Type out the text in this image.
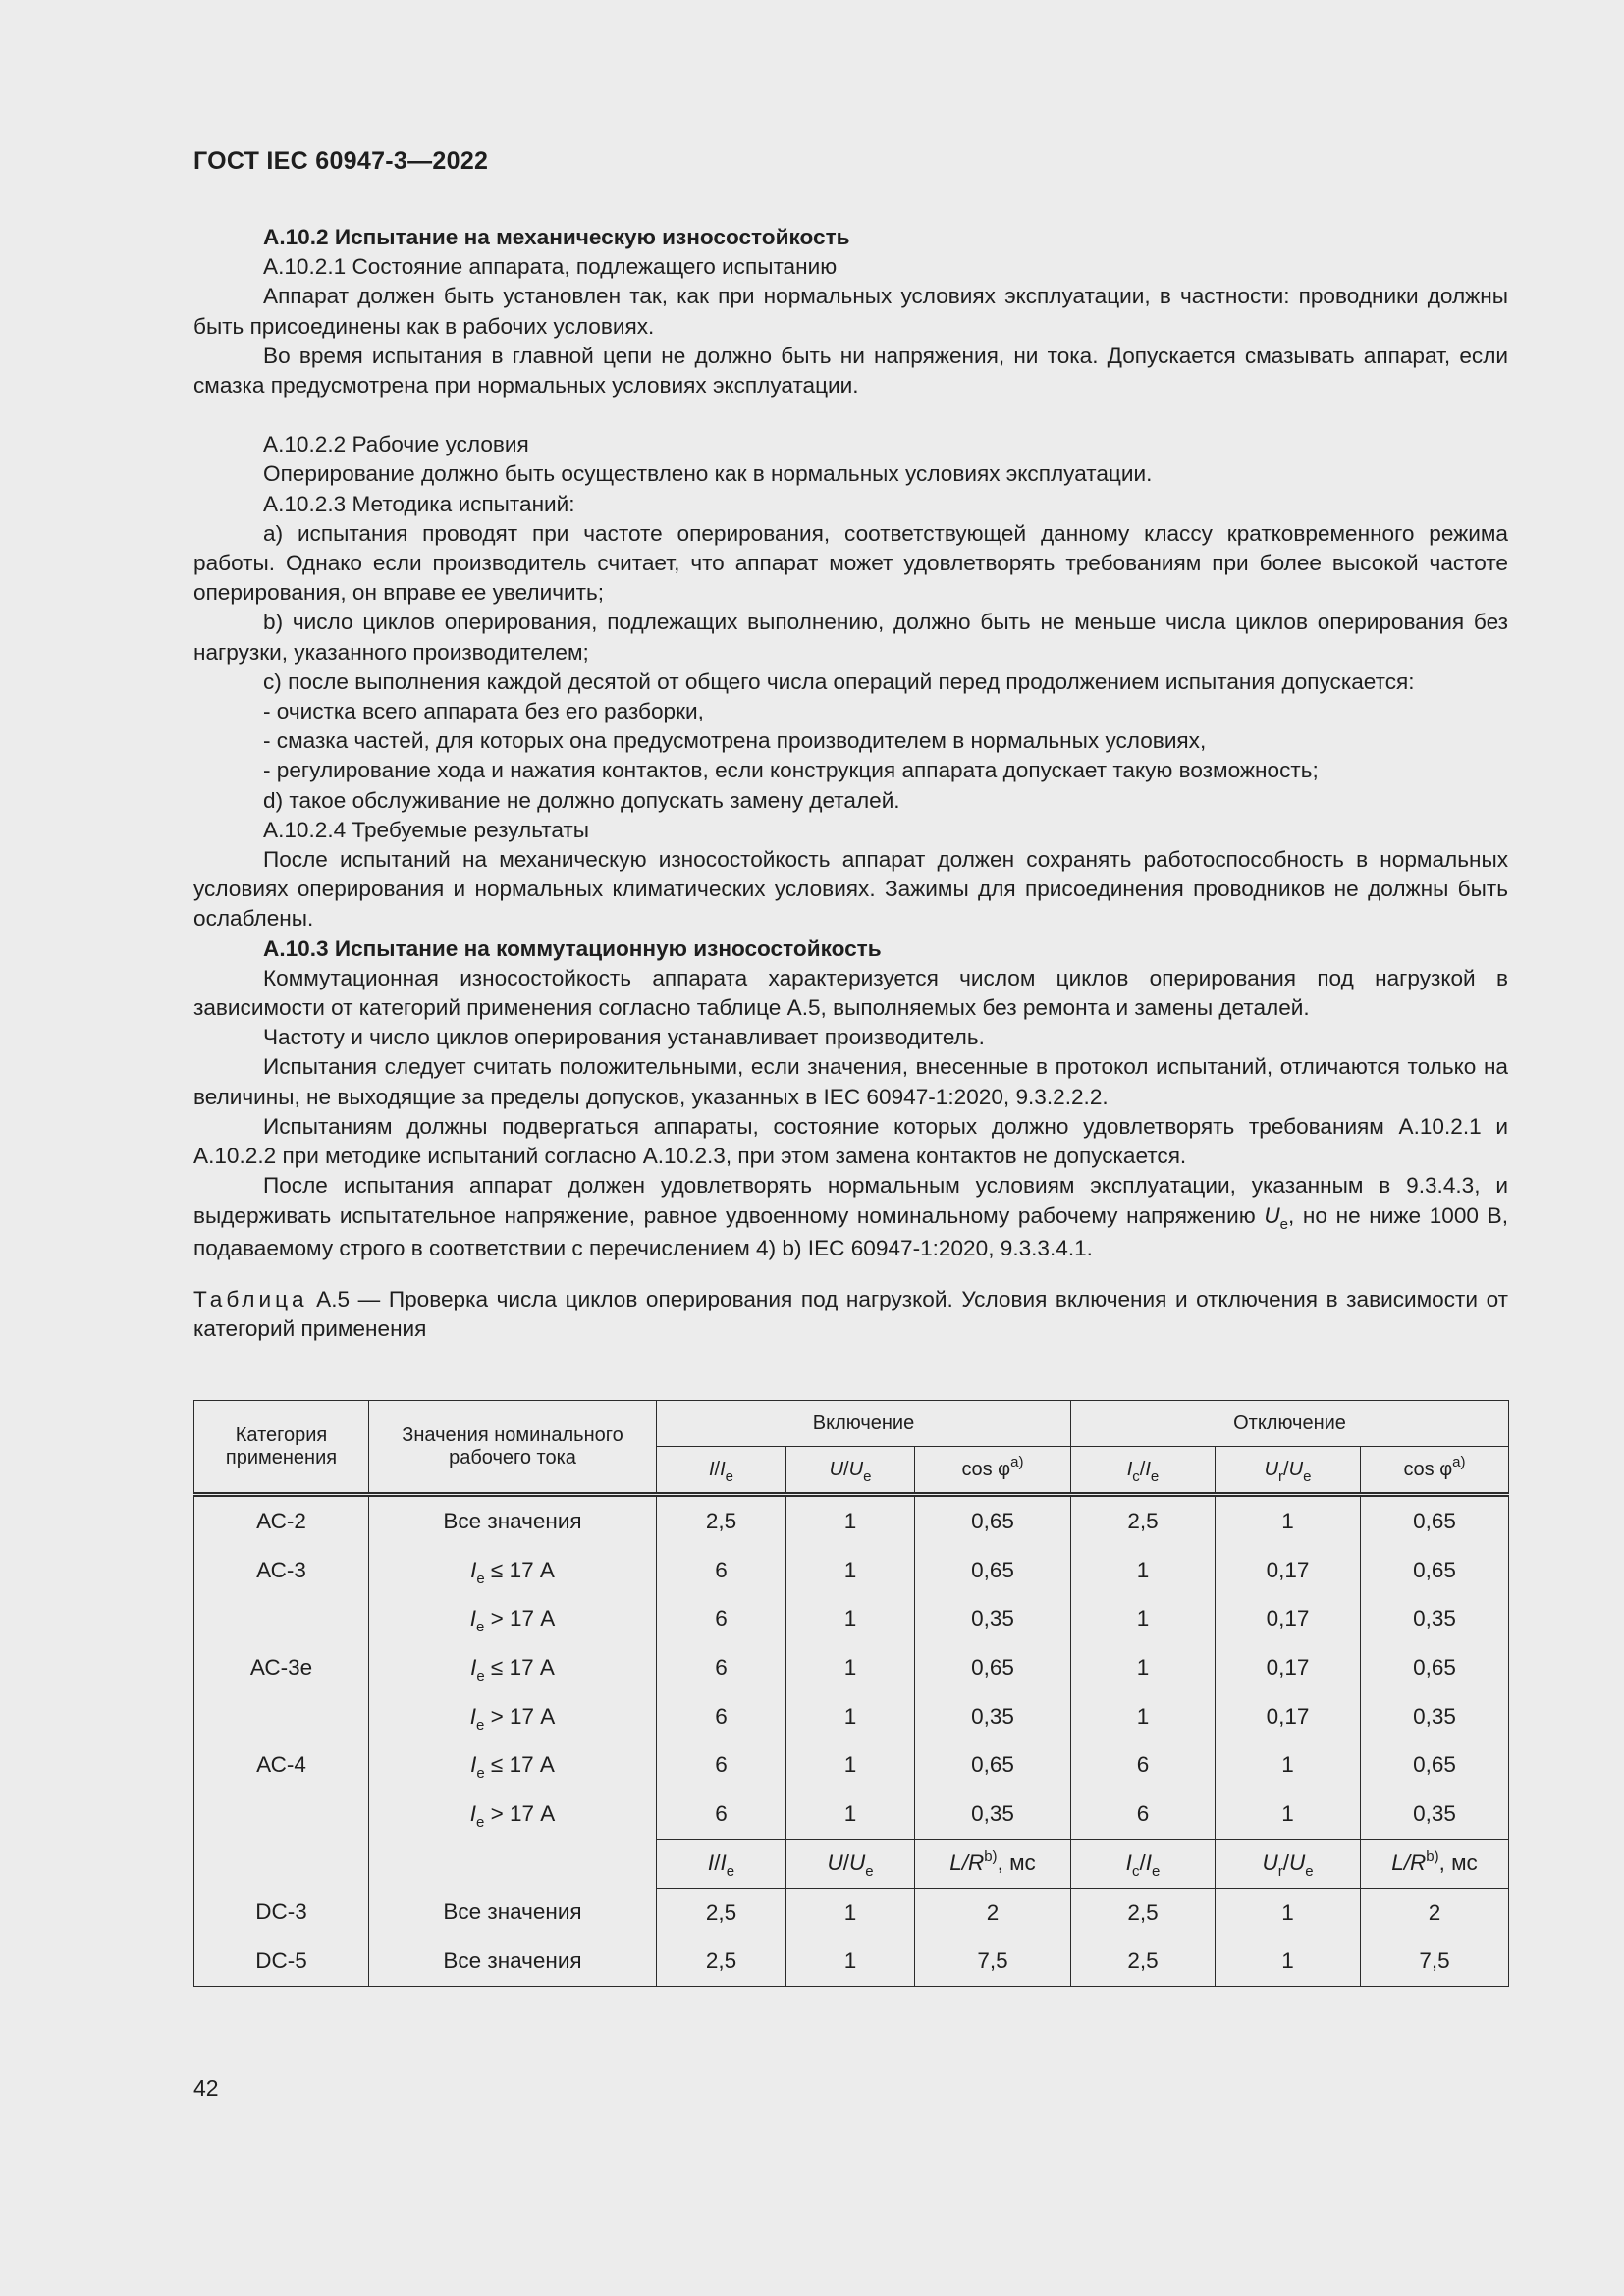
ГОСТ IEC 60947-3—2022

А.10.2 Испытание на механическую износостойкость

А.10.2.1 Состояние аппарата, подлежащего испытанию

Аппарат должен быть установлен так, как при нормальных условиях эксплуатации, в частности: проводники должны быть присоединены как в рабочих условиях.

Во время испытания в главной цепи не должно быть ни напряжения, ни тока. Допускается смазывать аппарат, если смазка предусмотрена при нормальных условиях эксплуатации.

А.10.2.2 Рабочие условия

Оперирование должно быть осуществлено как в нормальных условиях эксплуатации.

А.10.2.3 Методика испытаний:

а) испытания проводят при частоте оперирования, соответствующей данному классу кратковременного режима работы. Однако если производитель считает, что аппарат может удовлетворять требованиям при более высокой частоте оперирования, он вправе ее увеличить;

b) число циклов оперирования, подлежащих выполнению, должно быть не меньше числа циклов оперирования без нагрузки, указанного производителем;

с) после выполнения каждой десятой от общего числа операций перед продолжением испытания допускается:

- очистка всего аппарата без его разборки,

- смазка частей, для которых она предусмотрена производителем в нормальных условиях,

- регулирование хода и нажатия контактов, если конструкция аппарата допускает такую возможность;

d) такое обслуживание не должно допускать замену деталей.

А.10.2.4 Требуемые результаты

После испытаний на механическую износостойкость аппарат должен сохранять работоспособность в нормальных условиях оперирования и нормальных климатических условиях. Зажимы для присоединения проводников не должны быть ослаблены.

А.10.3 Испытание на коммутационную износостойкость

Коммутационная износостойкость аппарата характеризуется числом циклов оперирования под нагрузкой в зависимости от категорий применения согласно таблице А.5, выполняемых без ремонта и замены деталей.

Частоту и число циклов оперирования устанавливает производитель.

Испытания следует считать положительными, если значения, внесенные в протокол испытаний, отличаются только на величины, не выходящие за пределы допусков, указанных в IEC 60947-1:2020, 9.3.2.2.2.

Испытаниям должны подвергаться аппараты, состояние которых должно удовлетворять требованиям А.10.2.1 и А.10.2.2 при методике испытаний согласно А.10.2.3, при этом замена контактов не допускается.

После испытания аппарат должен удовлетворять нормальным условиям эксплуатации, указанным в 9.3.4.3, и выдерживать испытательное напряжение, равное удвоенному номинальному рабочему напряжению $U_e$, но не ниже 1000 В, подаваемому строго в соответствии с перечислением 4) b) IEC 60947-1:2020, 9.3.3.4.1.

Таблица А.5 — Проверка числа циклов оперирования под нагрузкой. Условия включения и отключения в зависимости от категорий применения

Категория применения	Значения номинального рабочего тока	Включение			Отключение		
		$I/I_e$	$U/U_e$	$\cos \varphi^{a)}$	$I_c/I_e$	$U_r/U_e$	$\cos \varphi^{a)}$
АС-2	Все значения	2,5	1	0,65	2,5	1	0,65
АС-3	$I_e \le 17$ А	6	1	0,65	1	0,17	0,65
	$I_e > 17$ А	6	1	0,35	1	0,17	0,35
АС-3е	$I_e \le 17$ А	6	1	0,65	1	0,17	0,65
	$I_e > 17$ А	6	1	0,35	1	0,17	0,35
АС-4	$I_e \le 17$ А	6	1	0,65	6	1	0,65
	$I_e > 17$ А	6	1	0,35	6	1	0,35
		$I/I_e$	$U/U_e$	$L/R^{b)}$, мс	$I_c/I_e$	$U_r/U_e$	$L/R^{b)}$, мс
DC-3	Все значения	2,5	1	2	2,5	1	2
DC-5	Все значения	2,5	1	7,5	2,5	1	7,5
42
